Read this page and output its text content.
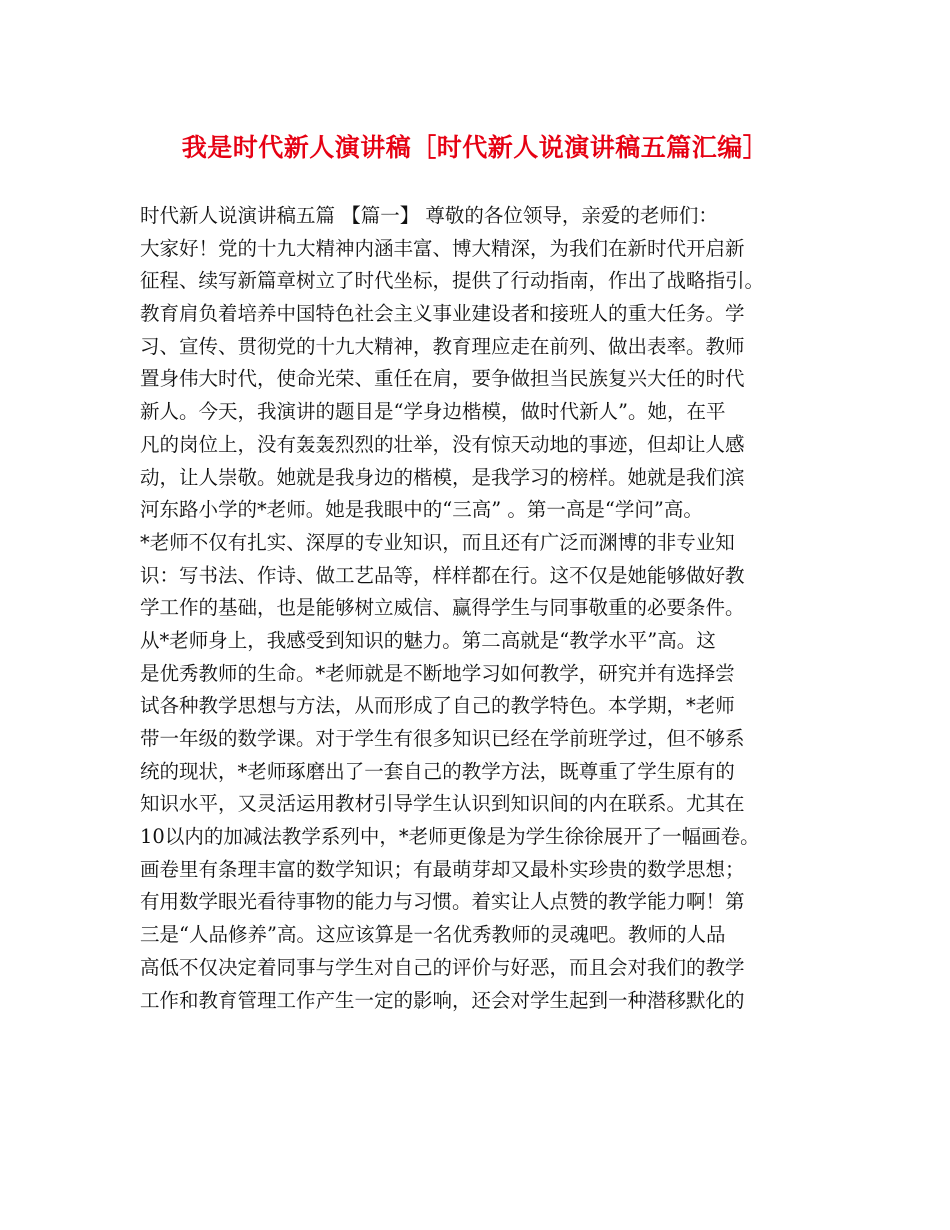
我是时代新人演讲稿［时代新人说演讲稿五篇汇编］
时代新人说演讲稿五篇 【篇一】 尊敬的各位领导，亲爱的老师们：
大家好！党的十九大精神内涵丰富、博大精深，为我们在新时代开启新
征程、续写新篇章树立了时代坐标，提供了行动指南，作出了战略指引。
教育肩负着培养中国特色社会主义事业建设者和接班人的重大任务。学
习、宣传、贯彻党的十九大精神，教育理应走在前列、做出表率。教师
置身伟大时代，使命光荣、重任在肩，要争做担当民族复兴大任的时代
新人。今天，我演讲的题目是“学身边楷模，做时代新人”。她，在平
凡的岗位上，没有轰轰烈烈的壮举，没有惊天动地的事迹，但却让人感
动，让人崇敬。她就是我身边的楷模，是我学习的榜样。她就是我们滨
河东路小学的*老师。她是我眼中的“三高” 。第一高是“学问”高。
*老师不仅有扎实、深厚的专业知识，而且还有广泛而渊博的非专业知
识：写书法、作诗、做工艺品等，样样都在行。这不仅是她能够做好教
学工作的基础，也是能够树立威信、赢得学生与同事敬重的必要条件。
从*老师身上，我感受到知识的魅力。第二高就是“教学水平”高。这
是优秀教师的生命。*老师就是不断地学习如何教学，研究并有选择尝
试各种教学思想与方法，从而形成了自己的教学特色。本学期，*老师
带一年级的数学课。对于学生有很多知识已经在学前班学过，但不够系
统的现状，*老师琢磨出了一套自己的教学方法，既尊重了学生原有的
知识水平，又灵活运用教材引导学生认识到知识间的内在联系。尤其在
10以内的加减法教学系列中，*老师更像是为学生徐徐展开了一幅画卷。
画卷里有条理丰富的数学知识；有最萌芽却又最朴实珍贵的数学思想；
有用数学眼光看待事物的能力与习惯。着实让人点赞的教学能力啊！第
三是“人品修养”高。这应该算是一名优秀教师的灵魂吧。教师的人品
高低不仅决定着同事与学生对自己的评价与好恶，而且会对我们的教学
工作和教育管理工作产生一定的影响，还会对学生起到一种潜移默化的
